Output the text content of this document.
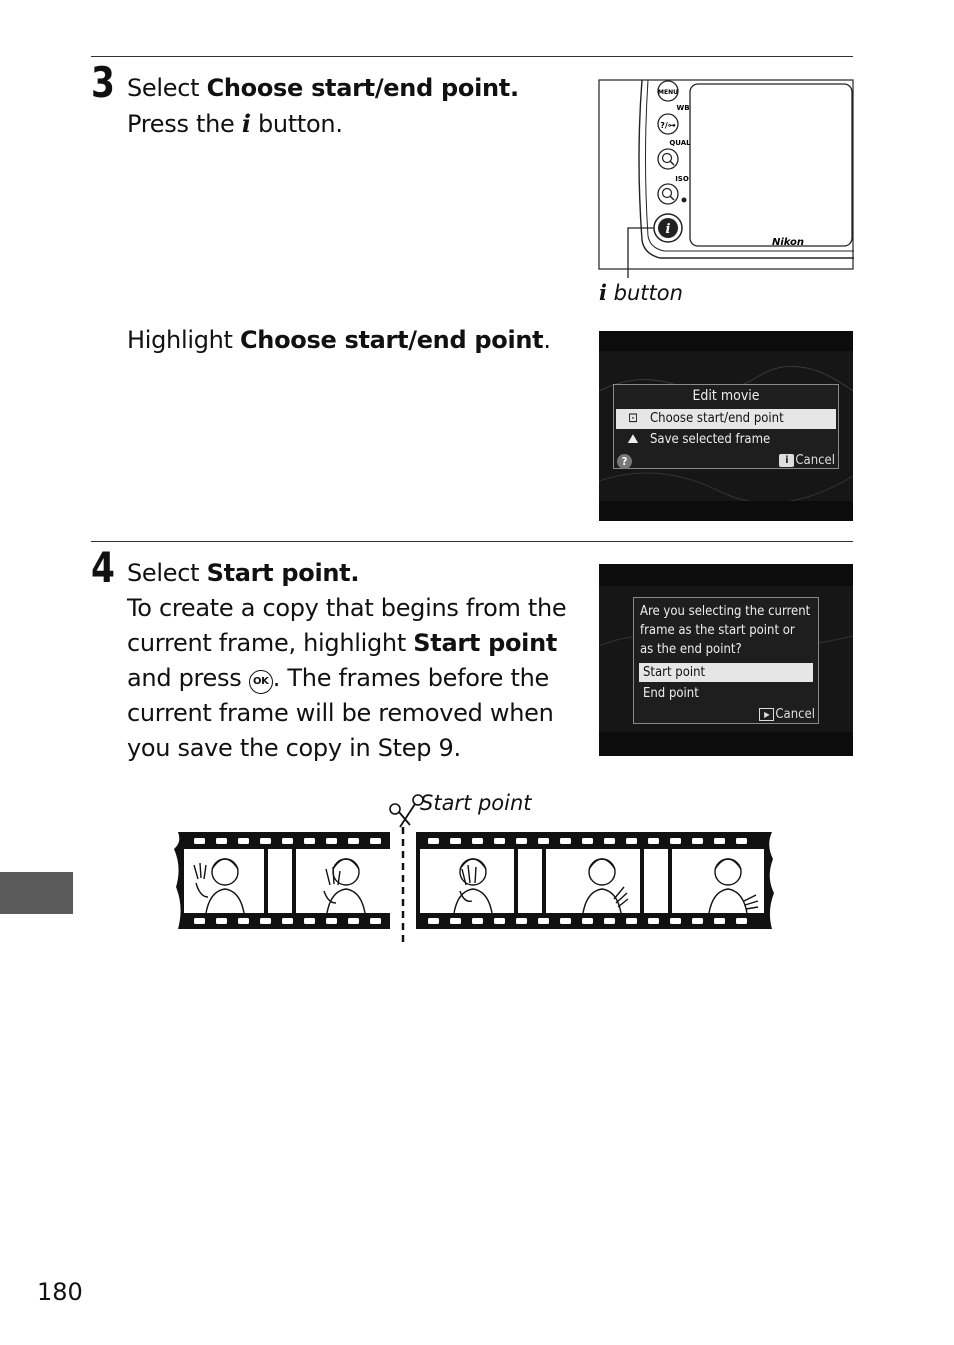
3 Select Choose start/end point.
Press the i button.
MENU
WB
?/⊶
QUAL
ISO
i
Nikon
i button
Highlight Choose start/end point.
Edit movie
⊡ Choose start/end point
⛰ Save selected frame
?	i Cancel
4 Select Start point.
To create a copy that begins from the
current frame, highlight Start point
and press OK . The frames before the
current frame will be removed when
you save the copy in Step 9.
Are you selecting the current
frame as the start point or
as the end point?
Start point
End point
▶ Cancel
Start point
180
